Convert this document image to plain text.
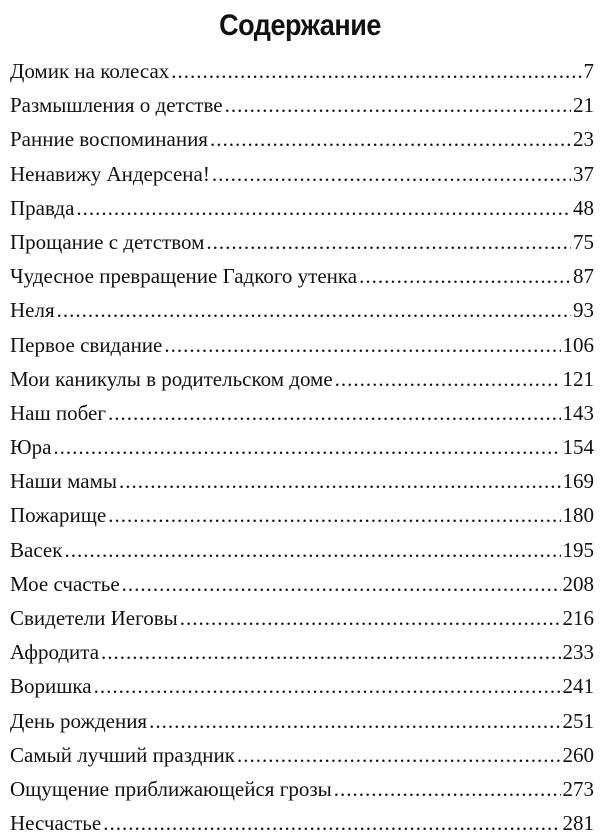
Содержание
Домик на колесах .....	7
Размышления о детстве .....	21
Ранние воспоминания .....	23
Ненавижу Андерсена! .....	37
Правда .....	48
Прощание с детством .....	75
Чудесное превращение Гадкого утенка .....	87
Неля .....	93
Первое свидание .....	106
Мои каникулы в родительском доме .....	121
Наш побег .....	143
Юра .....	154
Наши мамы .....	169
Пожарище .....	180
Васек .....	195
Мое счастье .....	208
Свидетели Иеговы .....	216
Афродита .....	233
Воришка .....	241
День рождения .....	251
Самый лучший праздник .....	260
Ощущение приближающейся грозы .....	273
Несчастье .....	281
